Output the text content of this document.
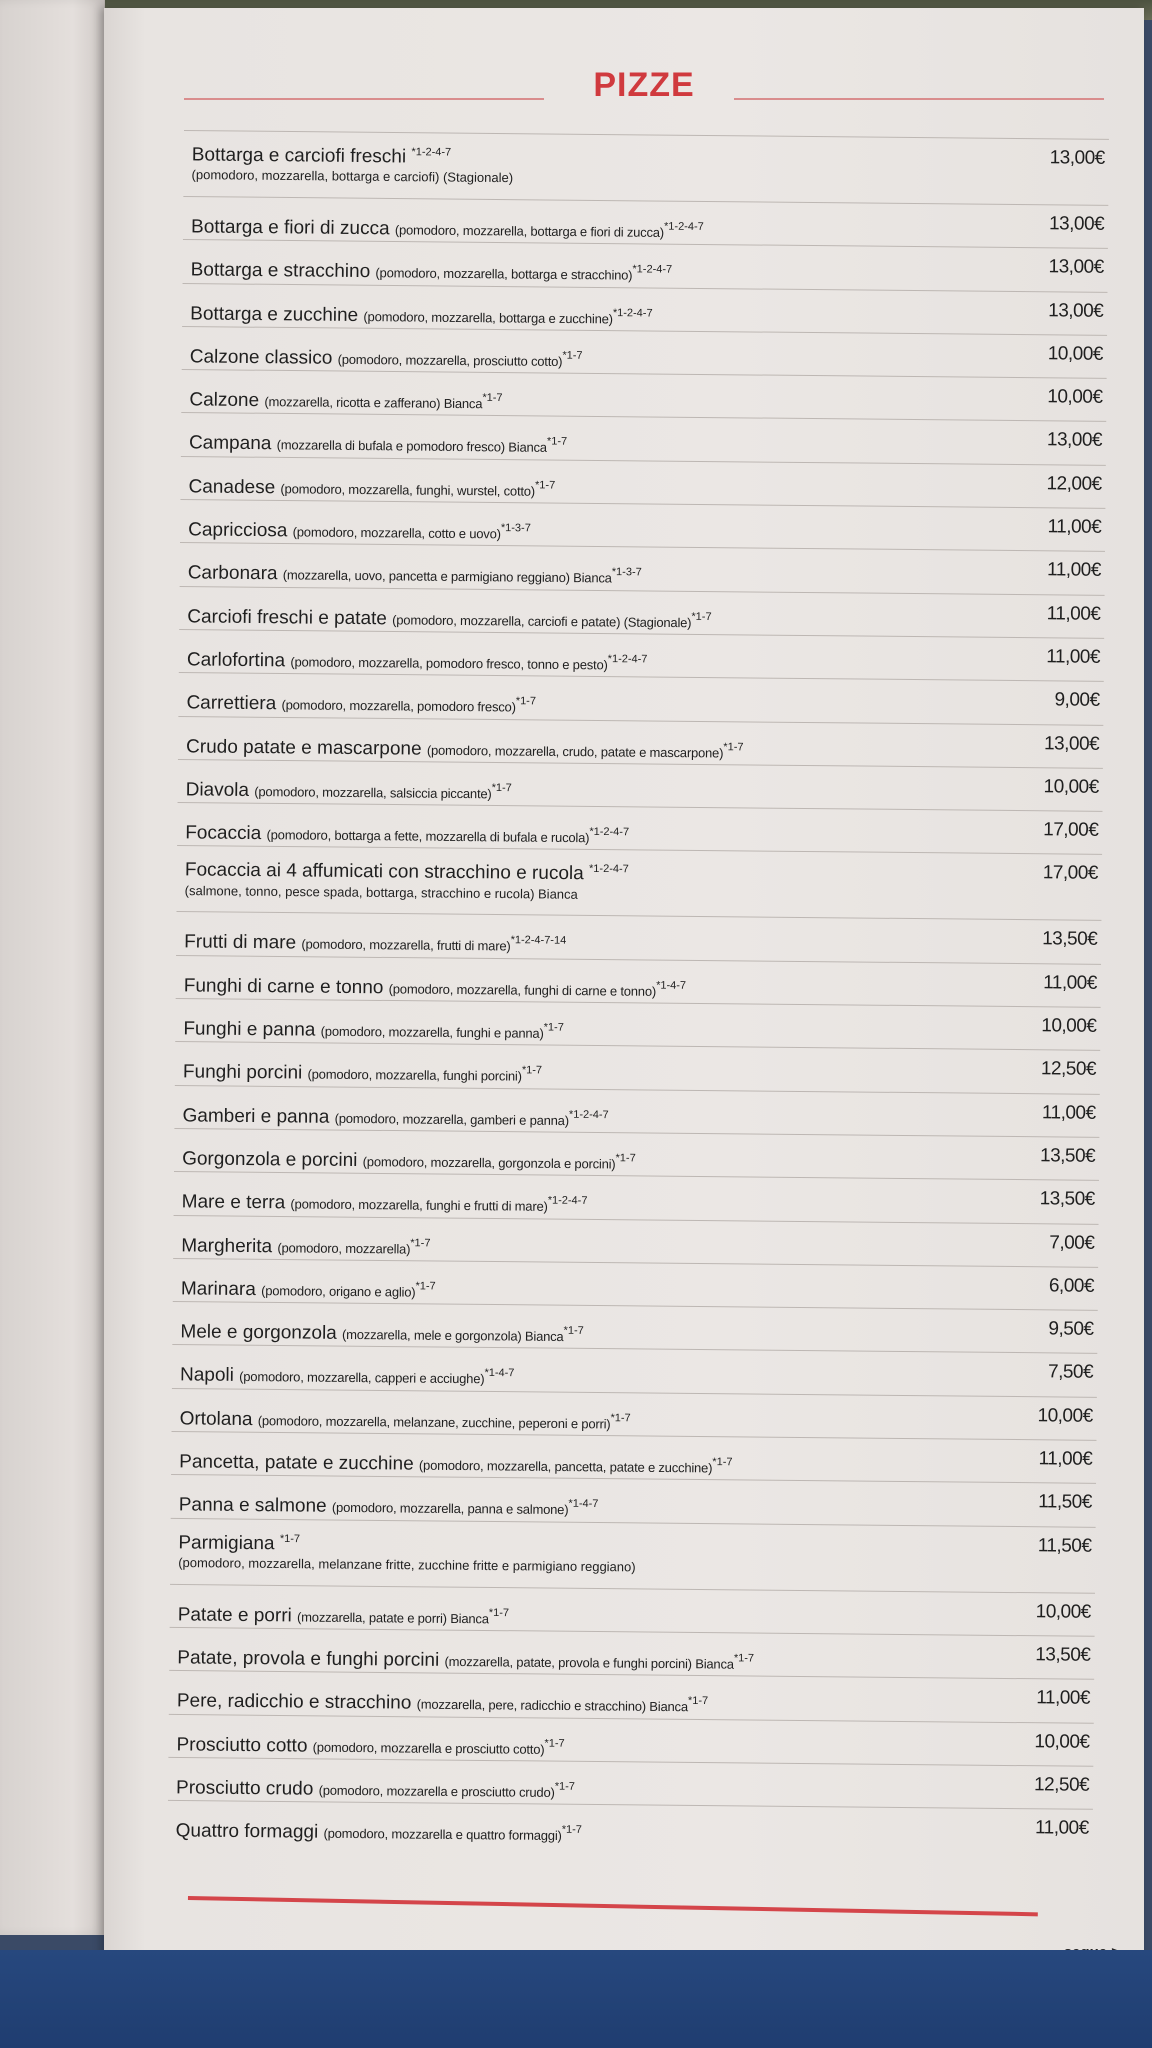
PIZZE
Bottarga e carciofi freschi $^{*1-2-4-7}$
(pomodoro, mozzarella, bottarga e carciofi) (Stagionale)
13,00€
Bottarga e fiori di zucca (pomodoro, mozzarella, bottarga e fiori di zucca)$^{*1-2-4-7}$	13,00€
Bottarga e stracchino (pomodoro, mozzarella, bottarga e stracchino)$^{*1-2-4-7}$	13,00€
Bottarga e zucchine (pomodoro, mozzarella, bottarga e zucchine)$^{*1-2-4-7}$	13,00€
Calzone classico (pomodoro, mozzarella, prosciutto cotto)$^{*1-7}$	10,00€
Calzone (mozzarella, ricotta e zafferano) Bianca$^{*1-7}$	10,00€
Campana (mozzarella di bufala e pomodoro fresco) Bianca$^{*1-7}$	13,00€
Canadese (pomodoro, mozzarella, funghi, wurstel, cotto)$^{*1-7}$	12,00€
Capricciosa (pomodoro, mozzarella, cotto e uovo)$^{*1-3-7}$	11,00€
Carbonara (mozzarella, uovo, pancetta e parmigiano reggiano) Bianca$^{*1-3-7}$	11,00€
Carciofi freschi e patate (pomodoro, mozzarella, carciofi e patate) (Stagionale)$^{*1-7}$	11,00€
Carlofortina (pomodoro, mozzarella, pomodoro fresco, tonno e pesto)$^{*1-2-4-7}$	11,00€
Carrettiera (pomodoro, mozzarella, pomodoro fresco)$^{*1-7}$	9,00€
Crudo patate e mascarpone (pomodoro, mozzarella, crudo, patate e mascarpone)$^{*1-7}$	13,00€
Diavola (pomodoro, mozzarella, salsiccia piccante)$^{*1-7}$	10,00€
Focaccia (pomodoro, bottarga a fette, mozzarella di bufala e rucola)$^{*1-2-4-7}$	17,00€
Focaccia ai 4 affumicati con stracchino e rucola $^{*1-2-4-7}$
(salmone, tonno, pesce spada, bottarga, stracchino e rucola) Bianca
17,00€
Frutti di mare (pomodoro, mozzarella, frutti di mare)$^{*1-2-4-7-14}$	13,50€
Funghi di carne e tonno (pomodoro, mozzarella, funghi di carne e tonno)$^{*1-4-7}$	11,00€
Funghi e panna (pomodoro, mozzarella, funghi e panna)$^{*1-7}$	10,00€
Funghi porcini (pomodoro, mozzarella, funghi porcini)$^{*1-7}$	12,50€
Gamberi e panna (pomodoro, mozzarella, gamberi e panna)$^{*1-2-4-7}$	11,00€
Gorgonzola e porcini (pomodoro, mozzarella, gorgonzola e porcini)$^{*1-7}$	13,50€
Mare e terra (pomodoro, mozzarella, funghi e frutti di mare)$^{*1-2-4-7}$	13,50€
Margherita (pomodoro, mozzarella)$^{*1-7}$	7,00€
Marinara (pomodoro, origano e aglio)$^{*1-7}$	6,00€
Mele e gorgonzola (mozzarella, mele e gorgonzola) Bianca$^{*1-7}$	9,50€
Napoli (pomodoro, mozzarella, capperi e acciughe)$^{*1-4-7}$	7,50€
Ortolana (pomodoro, mozzarella, melanzane, zucchine, peperoni e porri)$^{*1-7}$	10,00€
Pancetta, patate e zucchine (pomodoro, mozzarella, pancetta, patate e zucchine)$^{*1-7}$	11,00€
Panna e salmone (pomodoro, mozzarella, panna e salmone)$^{*1-4-7}$	11,50€
Parmigiana $^{*1-7}$
(pomodoro, mozzarella, melanzane fritte, zucchine fritte e parmigiano reggiano)
11,50€
Patate e porri (mozzarella, patate e porri) Bianca$^{*1-7}$	10,00€
Patate, provola e funghi porcini (mozzarella, patate, provola e funghi porcini) Bianca$^{*1-7}$	13,50€
Pere, radicchio e stracchino (mozzarella, pere, radicchio e stracchino) Bianca$^{*1-7}$	11,00€
Prosciutto cotto (pomodoro, mozzarella e prosciutto cotto)$^{*1-7}$	10,00€
Prosciutto crudo (pomodoro, mozzarella e prosciutto crudo)$^{*1-7}$	12,50€
Quattro formaggi (pomodoro, mozzarella e quattro formaggi)$^{*1-7}$	11,00€
